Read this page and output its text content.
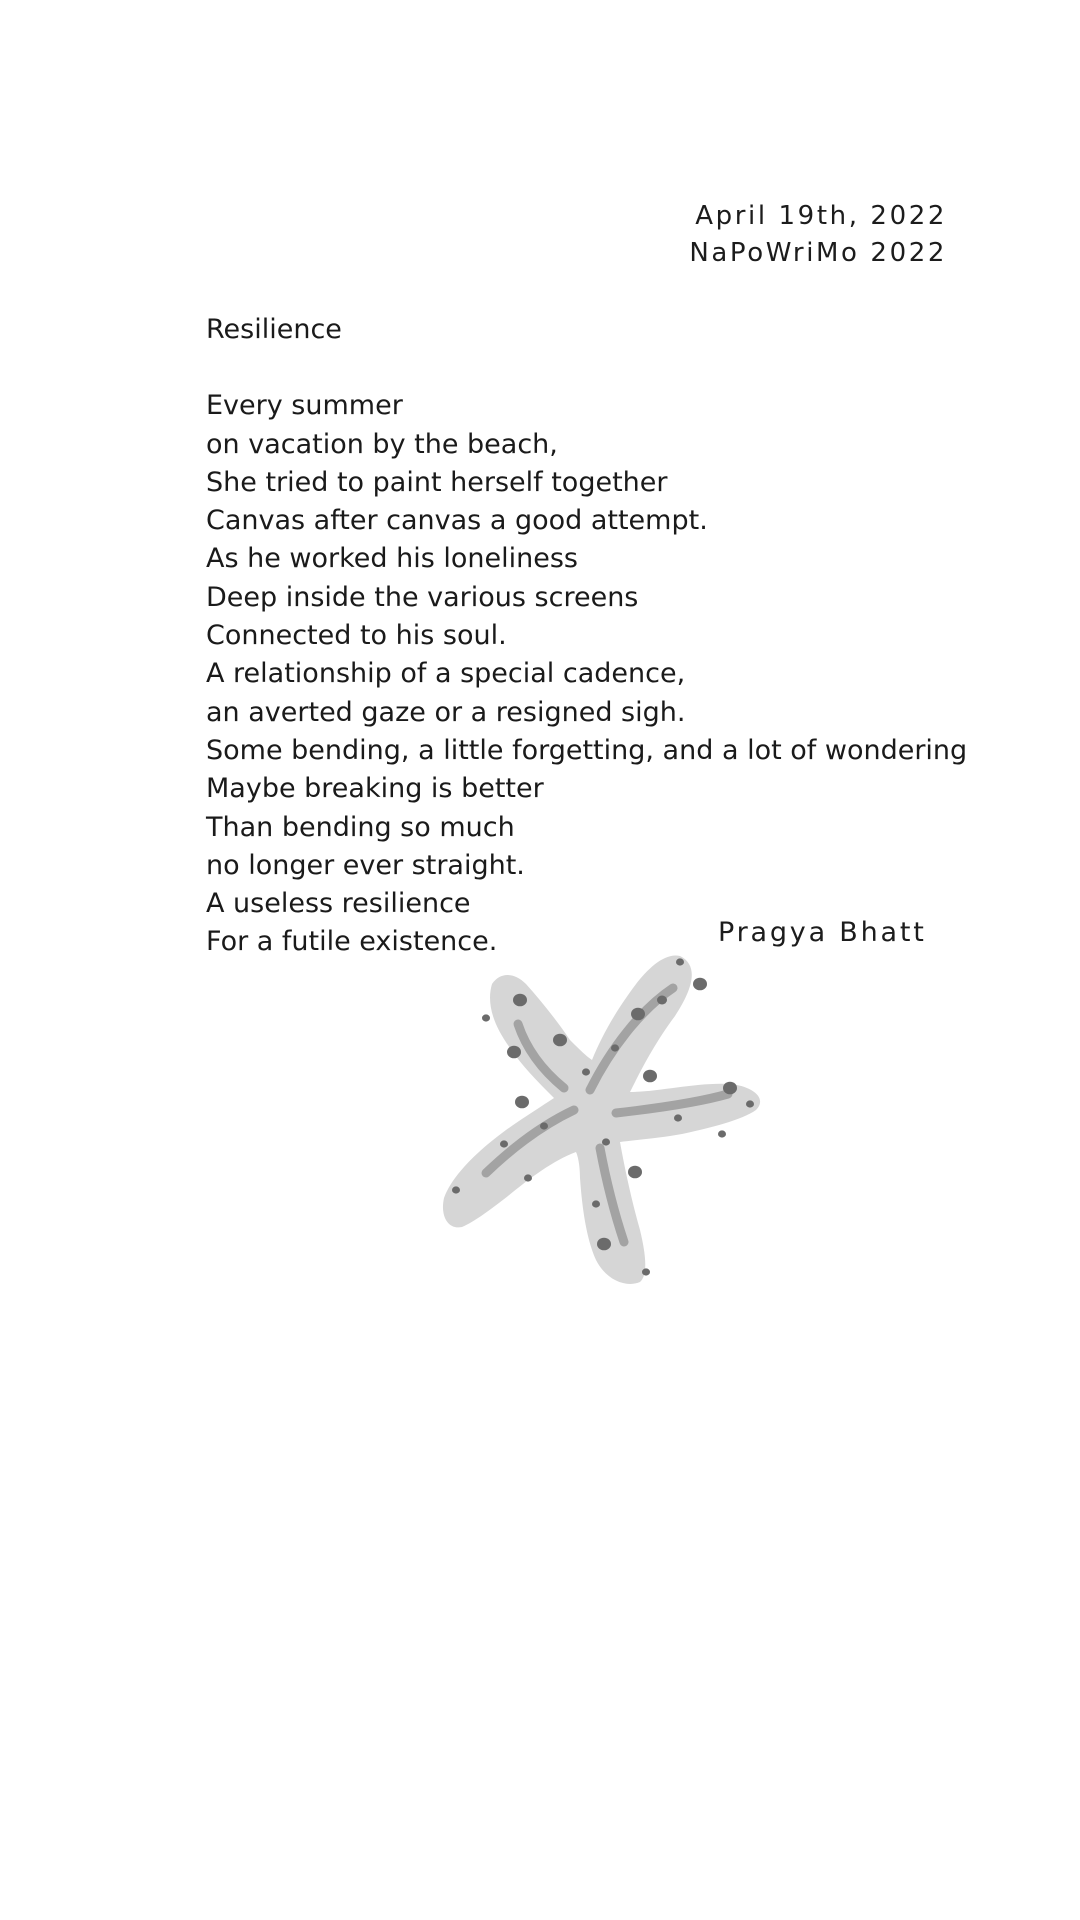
April 19th, 2022
NaPoWriMo 2022
Resilience
Every summer
on vacation by the beach,
She tried to paint herself together
Canvas after canvas a good attempt.
As he worked his loneliness
Deep inside the various screens
Connected to his soul.
A relationship of a special cadence,
an averted gaze or a resigned sigh.
Some bending, a little forgetting, and a lot of wondering
Maybe breaking is better
Than bending so much
no longer ever straight.
A useless resilience
For a futile existence.	Pragya Bhatt
